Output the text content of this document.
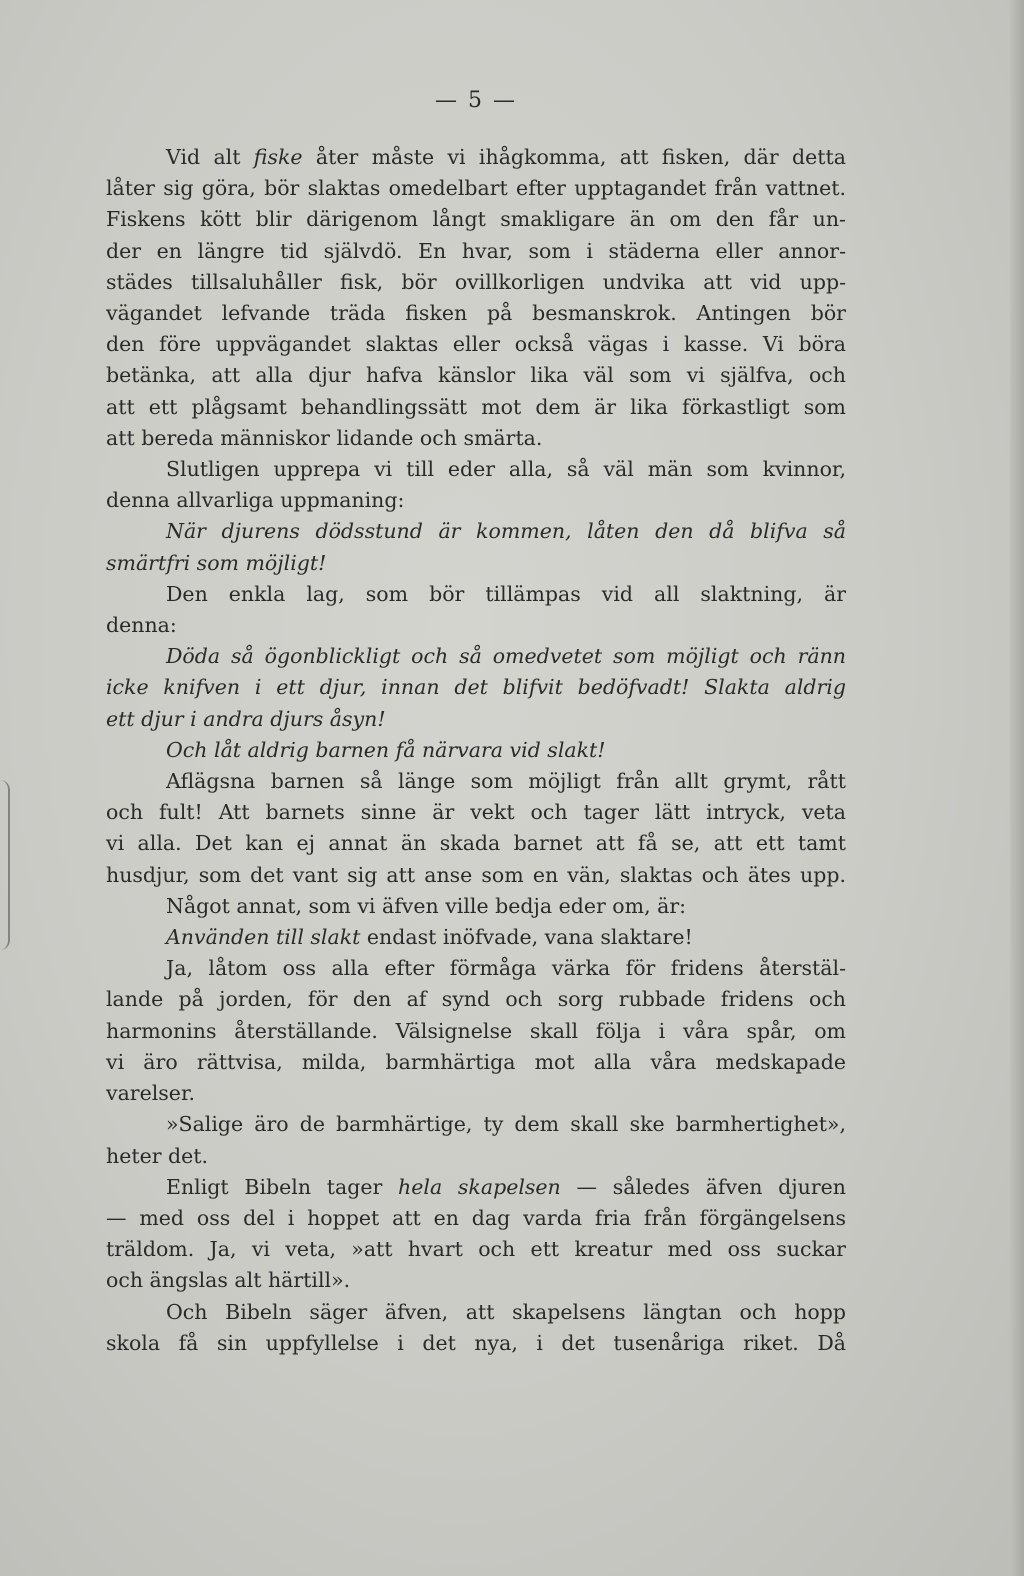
— 5 —
Vid alt fiske åter måste vi ihågkomma, att fisken, där detta
låter sig göra, bör slaktas omedelbart efter upptagandet från vattnet.
Fiskens kött blir därigenom långt smakligare än om den får un-
der en längre tid självdö. En hvar, som i städerna eller annor-
städes tillsaluhåller fisk, bör ovillkorligen undvika att vid upp-
vägandet lefvande träda fisken på besmanskrok. Antingen bör
den före uppvägandet slaktas eller också vägas i kasse. Vi böra
betänka, att alla djur hafva känslor lika väl som vi själfva, och
att ett plågsamt behandlingssätt mot dem är lika förkastligt som
att bereda människor lidande och smärta.
Slutligen upprepa vi till eder alla, så väl män som kvinnor,
denna allvarliga uppmaning:
När djurens dödsstund är kommen, låten den då blifva så
smärtfri som möjligt!
Den enkla lag, som bör tillämpas vid all slaktning, är
denna:
Döda så ögonblickligt och så omedvetet som möjligt och ränn
icke knifven i ett djur, innan det blifvit bedöfvadt! Slakta aldrig
ett djur i andra djurs åsyn!
Och låt aldrig barnen få närvara vid slakt!
Aflägsna barnen så länge som möjligt från allt grymt, rått
och fult! Att barnets sinne är vekt och tager lätt intryck, veta
vi alla. Det kan ej annat än skada barnet att få se, att ett tamt
husdjur, som det vant sig att anse som en vän, slaktas och ätes upp.
Något annat, som vi äfven ville bedja eder om, är:
Använden till slakt endast inöfvade, vana slaktare!
Ja, låtom oss alla efter förmåga värka för fridens återstäl-
lande på jorden, för den af synd och sorg rubbade fridens och
harmonins återställande. Välsignelse skall följa i våra spår, om
vi äro rättvisa, milda, barmhärtiga mot alla våra medskapade
varelser.
»Salige äro de barmhärtige, ty dem skall ske barmhertighet»,
heter det.
Enligt Bibeln tager hela skapelsen — således äfven djuren
— med oss del i hoppet att en dag varda fria från förgängelsens
träldom. Ja, vi veta, »att hvart och ett kreatur med oss suckar
och ängslas alt härtill».
Och Bibeln säger äfven, att skapelsens längtan och hopp
skola få sin uppfyllelse i det nya, i det tusenåriga riket. Då
